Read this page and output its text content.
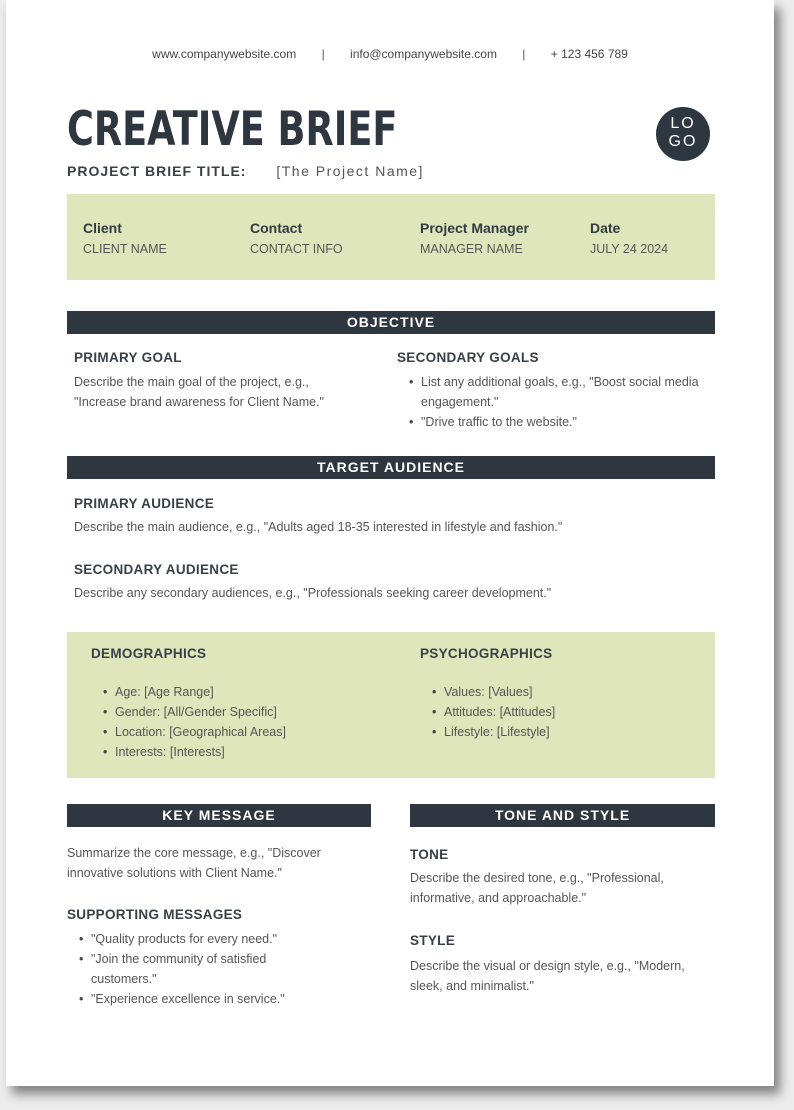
www.companywebsite.com | info@companywebsite.com | + 123 456 789
CREATIVE BRIEF	LO
GO
PROJECT BRIEF TITLE: [The Project Name]
Client
CLIENT NAME
Contact
CONTACT INFO
Project Manager
MANAGER NAME
Date
JULY 24 2024
OBJECTIVE
PRIMARY GOAL
Describe the main goal of the project, e.g.,
"Increase brand awareness for Client Name."
SECONDARY GOALS
• List any additional goals, e.g., "Boost social media engagement."
• "Drive traffic to the website."
TARGET AUDIENCE
PRIMARY AUDIENCE
Describe the main audience, e.g., "Adults aged 18-35 interested in lifestyle and fashion."
SECONDARY AUDIENCE
Describe any secondary audiences, e.g., "Professionals seeking career development."
DEMOGRAPHICS
• Age: [Age Range]
• Gender: [All/Gender Specific]
• Location: [Geographical Areas]
• Interests: [Interests]
PSYCHOGRAPHICS
• Values: [Values]
• Attitudes: [Attitudes]
• Lifestyle: [Lifestyle]
KEY MESSAGE
Summarize the core message, e.g., "Discover innovative solutions with Client Name."
SUPPORTING MESSAGES
• "Quality products for every need."
• "Join the community of satisfied customers."
• "Experience excellence in service."
TONE AND STYLE
TONE
Describe the desired tone, e.g., "Professional, informative, and approachable."
STYLE
Describe the visual or design style, e.g., "Modern, sleek, and minimalist."
